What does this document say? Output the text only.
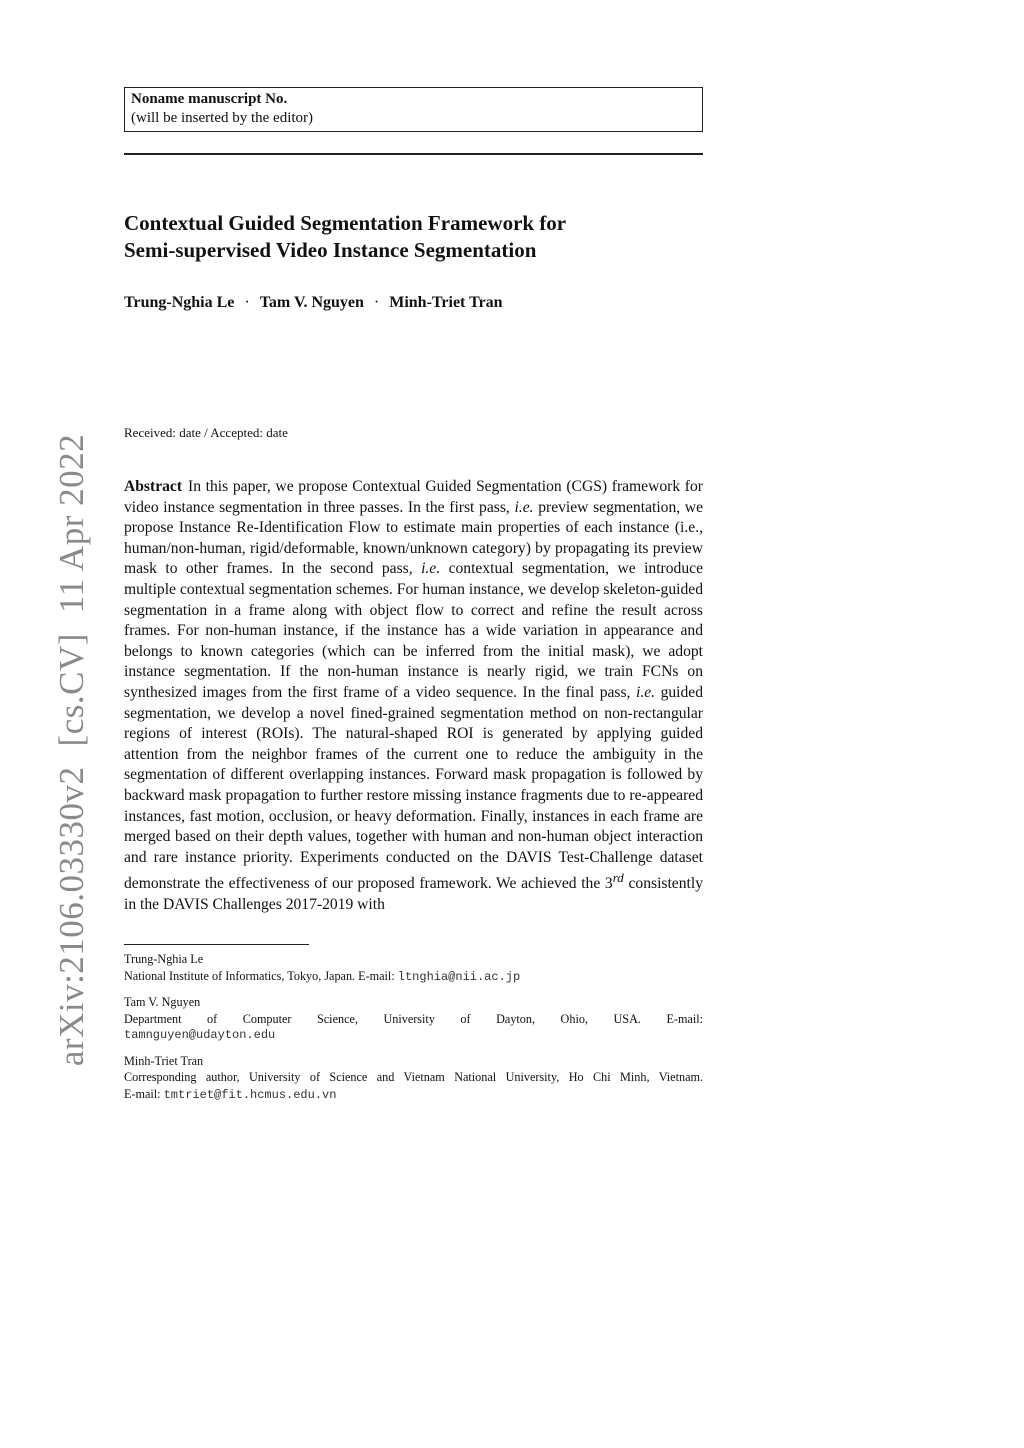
arXiv:2106.03330v2[cs.CV]11 Apr 2022
Noname manuscript No.
(will be inserted by the editor)
Contextual Guided Segmentation Framework for
Semi-supervised Video Instance Segmentation
Trung-Nghia Le · Tam V. Nguyen · Minh-Triet Tran
Received: date / Accepted: date
Abstract In this paper, we propose Contextual Guided Segmentation (CGS) framework for video instance segmentation in three passes. In the first pass, i.e. preview segmentation, we propose Instance Re-Identification Flow to estimate main properties of each instance (i.e., human/non-human, rigid/deformable, known/unknown category) by propagating its preview mask to other frames. In the second pass, i.e. contextual segmentation, we introduce multiple contextual segmentation schemes. For human instance, we develop skeleton-guided segmentation in a frame along with object flow to correct and refine the result across frames. For non-human instance, if the instance has a wide variation in appearance and belongs to known categories (which can be inferred from the initial mask), we adopt instance segmentation. If the non-human instance is nearly rigid, we train FCNs on synthesized images from the first frame of a video sequence. In the final pass, i.e. guided segmentation, we develop a novel fined-grained segmentation method on non-rectangular regions of interest (ROIs). The natural-shaped ROI is generated by applying guided attention from the neighbor frames of the current one to reduce the ambiguity in the segmentation of different overlapping instances. Forward mask propagation is followed by backward mask propagation to further restore missing instance fragments due to re-appeared instances, fast motion, occlusion, or heavy deformation. Finally, instances in each frame are merged based on their depth values, together with human and non-human object interaction and rare instance priority. Experiments conducted on the DAVIS Test-Challenge dataset demonstrate the effectiveness of our proposed framework. We achieved the 3rd consistently in the DAVIS Challenges 2017-2019 with
Trung-Nghia Le
National Institute of Informatics, Tokyo, Japan. E-mail: ltnghia@nii.ac.jp
Tam V. Nguyen
Department of Computer Science, University of Dayton, Ohio, USA. E-mail:
tamnguyen@udayton.edu
Minh-Triet Tran
Corresponding author, University of Science and Vietnam National University, Ho Chi Minh, Vietnam.
E-mail: tmtriet@fit.hcmus.edu.vn
